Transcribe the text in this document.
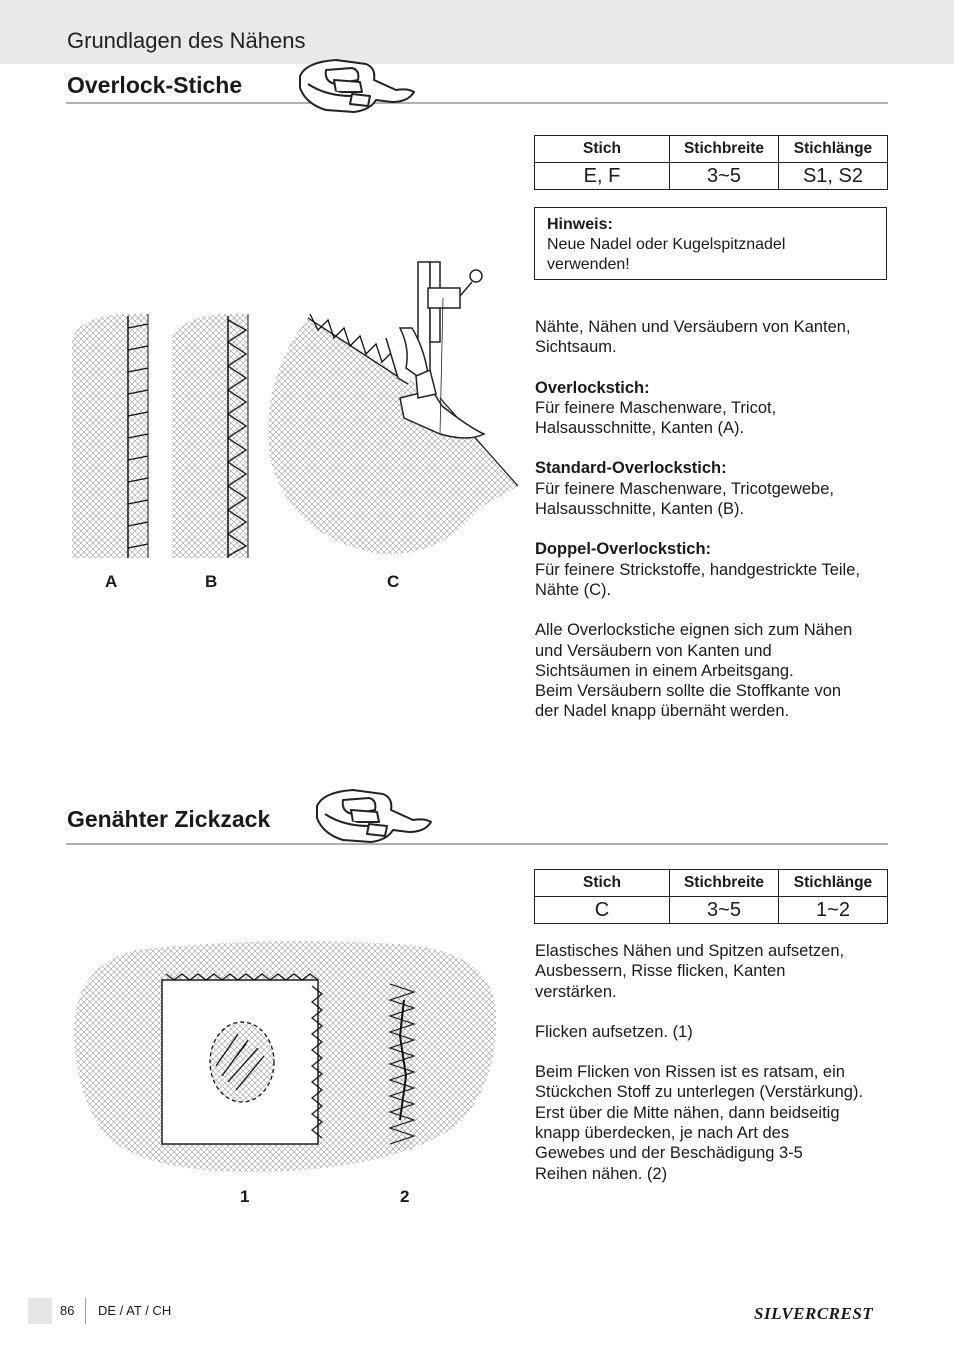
Grundlagen des Nähens
Overlock-Stiche
Stich	Stichbreite	Stichlänge
E, F	3~5	S1, S2
Hinweis:
Neue Nadel oder Kugelspitznadel
verwenden!

Nähte, Nähen und Versäubern von Kanten,
Sichtsaum.

Overlockstich:
Für feinere Maschenware, Tricot,
Halsausschnitte, Kanten (A).

Standard-Overlockstich:
Für feinere Maschenware, Tricotgewebe,
Halsausschnitte, Kanten (B).

Doppel-Overlockstich:
Für feinere Strickstoffe, handgestrickte Teile,
Nähte (C).

Alle Overlockstiche eignen sich zum Nähen
und Versäubern von Kanten und
Sichtsäumen in einem Arbeitsgang.
Beim Versäubern sollte die Stoffkante von
der Nadel knapp übernäht werden.

A	B	C
Genähter Zickzack
Stich	Stichbreite	Stichlänge
C	3~5	1~2

Elastisches Nähen und Spitzen aufsetzen,
Ausbessern, Risse flicken, Kanten
verstärken.

Flicken aufsetzen. (1)

Beim Flicken von Rissen ist es ratsam, ein
Stückchen Stoff zu unterlegen (Verstärkung).
Erst über die Mitte nähen, dann beidseitig
knapp überdecken, je nach Art des
Gewebes und der Beschädigung 3-5
Reihen nähen. (2)

1	2
86 DE / AT / CH	SILVERCREST
